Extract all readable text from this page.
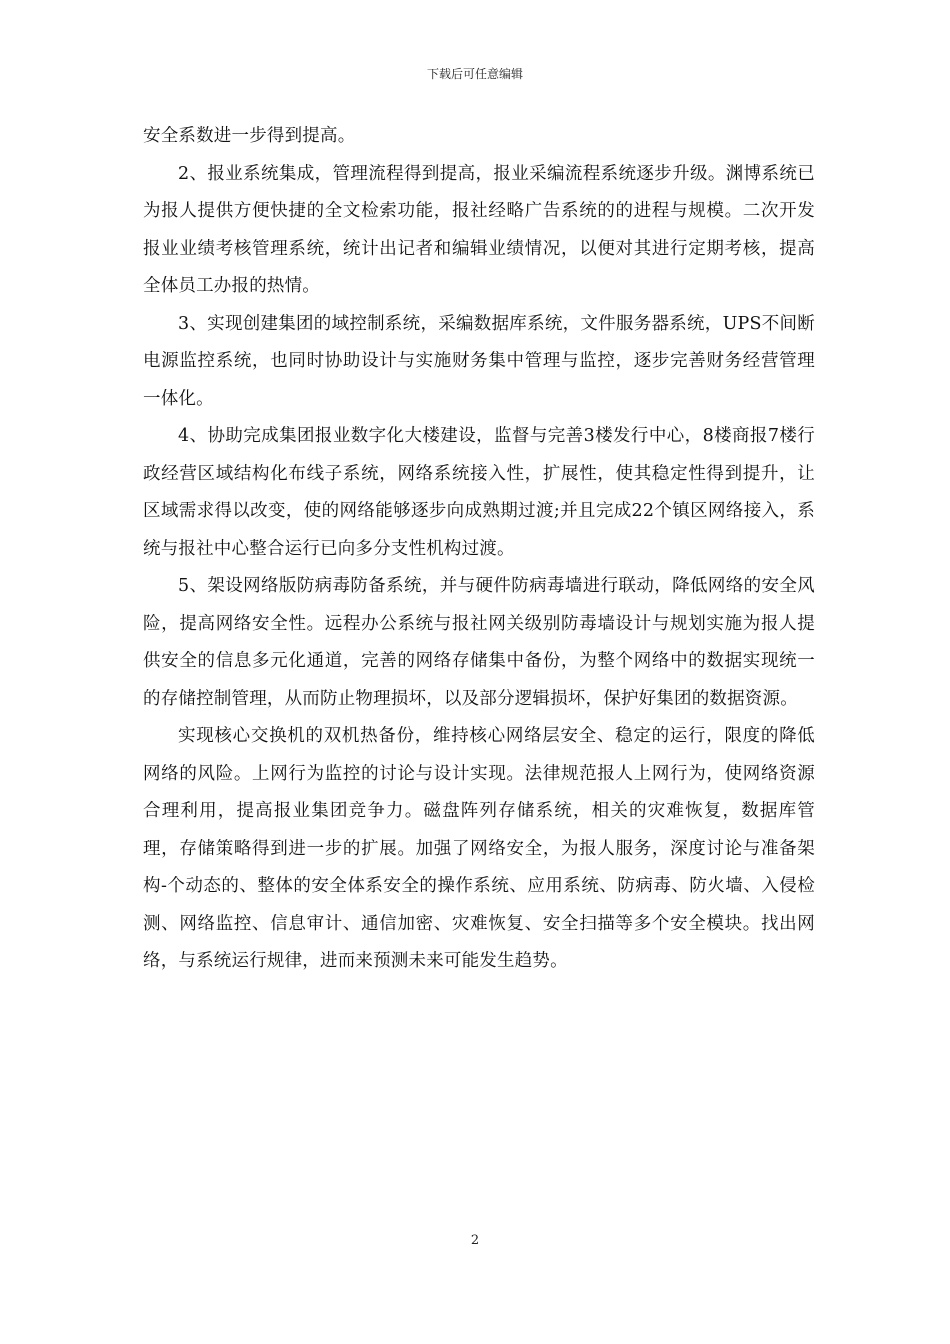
下载后可任意编辑

安全系数进一步得到提高。

2、报业系统集成，管理流程得到提高，报业采编流程系统逐步升级。渊博系统已为报人提供方便快捷的全文检索功能，报社经略广告系统的的进程与规模。二次开发报业业绩考核管理系统，统计出记者和编辑业绩情况，以便对其进行定期考核，提高全体员工办报的热情。

3、实现创建集团的域控制系统，采编数据库系统，文件服务器系统，UPS不间断电源监控系统，也同时协助设计与实施财务集中管理与监控，逐步完善财务经营管理一体化。

4、协助完成集团报业数字化大楼建设，监督与完善3楼发行中心，8楼商报7楼行政经营区域结构化布线子系统，网络系统接入性，扩展性，使其稳定性得到提升，让区域需求得以改变，使的网络能够逐步向成熟期过渡;并且完成22个镇区网络接入，系统与报社中心整合运行已向多分支性机构过渡。

5、架设网络版防病毒防备系统，并与硬件防病毒墙进行联动，降低网络的安全风险，提高网络安全性。远程办公系统与报社网关级别防毒墙设计与规划实施为报人提供安全的信息多元化通道，完善的网络存储集中备份，为整个网络中的数据实现统一的存储控制管理，从而防止物理损坏，以及部分逻辑损坏，保护好集团的数据资源。

实现核心交换机的双机热备份，维持核心网络层安全、稳定的运行，限度的降低网络的风险。上网行为监控的讨论与设计实现。法律规范报人上网行为，使网络资源合理利用，提高报业集团竞争力。磁盘阵列存储系统，相关的灾难恢复，数据库管理，存储策略得到进一步的扩展。加强了网络安全，为报人服务，深度讨论与准备架构-个动态的、整体的安全体系安全的操作系统、应用系统、防病毒、防火墙、入侵检测、网络监控、信息审计、通信加密、灾难恢复、安全扫描等多个安全模块。找出网络，与系统运行规律，进而来预测未来可能发生趋势。

2
